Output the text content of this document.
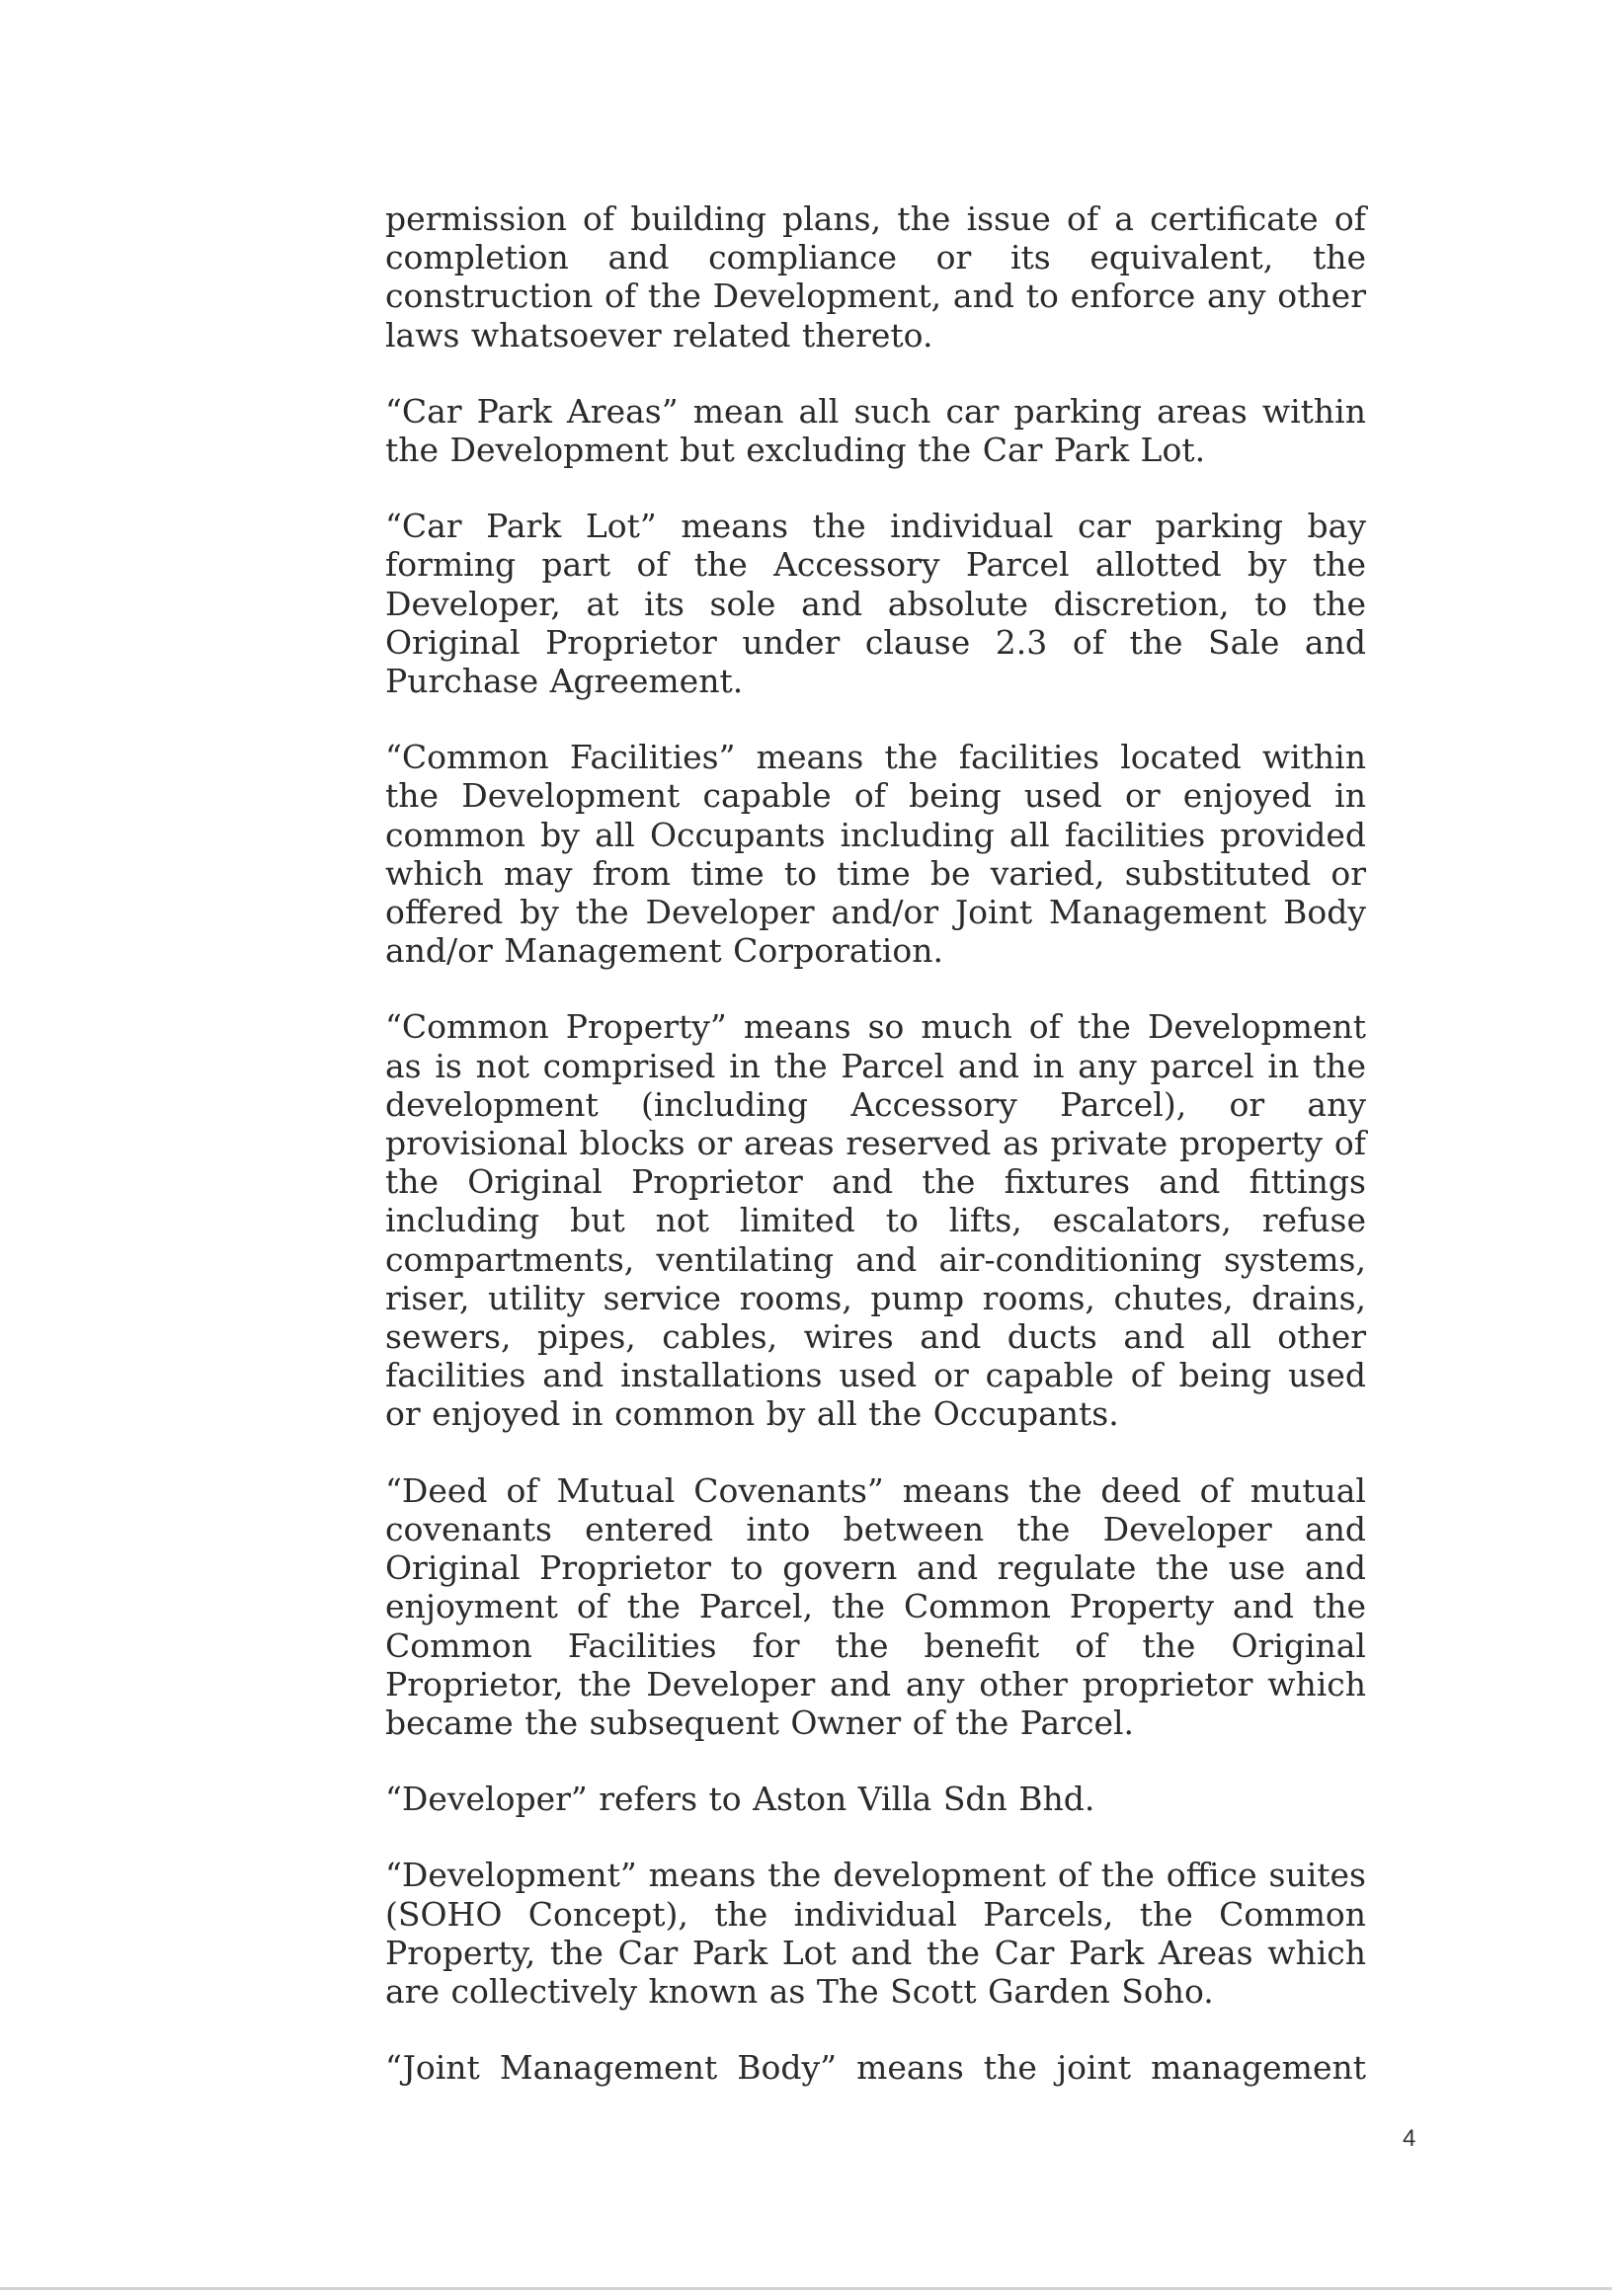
permission of building plans, the issue of a certificate of completion and compliance or its equivalent, the construction of the Development, and to enforce any other laws whatsoever related thereto.

“Car Park Areas” mean all such car parking areas within the Development but excluding the Car Park Lot.

“Car Park Lot” means the individual car parking bay forming part of the Accessory Parcel allotted by the Developer, at its sole and absolute discretion, to the Original Proprietor under clause 2.3 of the Sale and Purchase Agreement.

“Common Facilities” means the facilities located within the Development capable of being used or enjoyed in common by all Occupants including all facilities provided which may from time to time be varied, substituted or offered by the Developer and/or Joint Management Body and/or Management Corporation.

“Common Property” means so much of the Development as is not comprised in the Parcel and in any parcel in the development (including Accessory Parcel), or any provisional blocks or areas reserved as private property of the Original Proprietor and the fixtures and fittings including but not limited to lifts, escalators, refuse compartments, ventilating and air-conditioning systems, riser, utility service rooms, pump rooms, chutes, drains, sewers, pipes, cables, wires and ducts and all other facilities and installations used or capable of being used or enjoyed in common by all the Occupants.

“Deed of Mutual Covenants” means the deed of mutual covenants entered into between the Developer and Original Proprietor to govern and regulate the use and enjoyment of the Parcel, the Common Property and the Common Facilities for the benefit of the Original Proprietor, the Developer and any other proprietor which became the subsequent Owner of the Parcel.

“Developer” refers to Aston Villa Sdn Bhd.

“Development” means the development of the office suites (SOHO Concept), the individual Parcels, the Common Property, the Car Park Lot and the Car Park Areas which are collectively known as The Scott Garden Soho.

“Joint Management Body” means the joint management

4
